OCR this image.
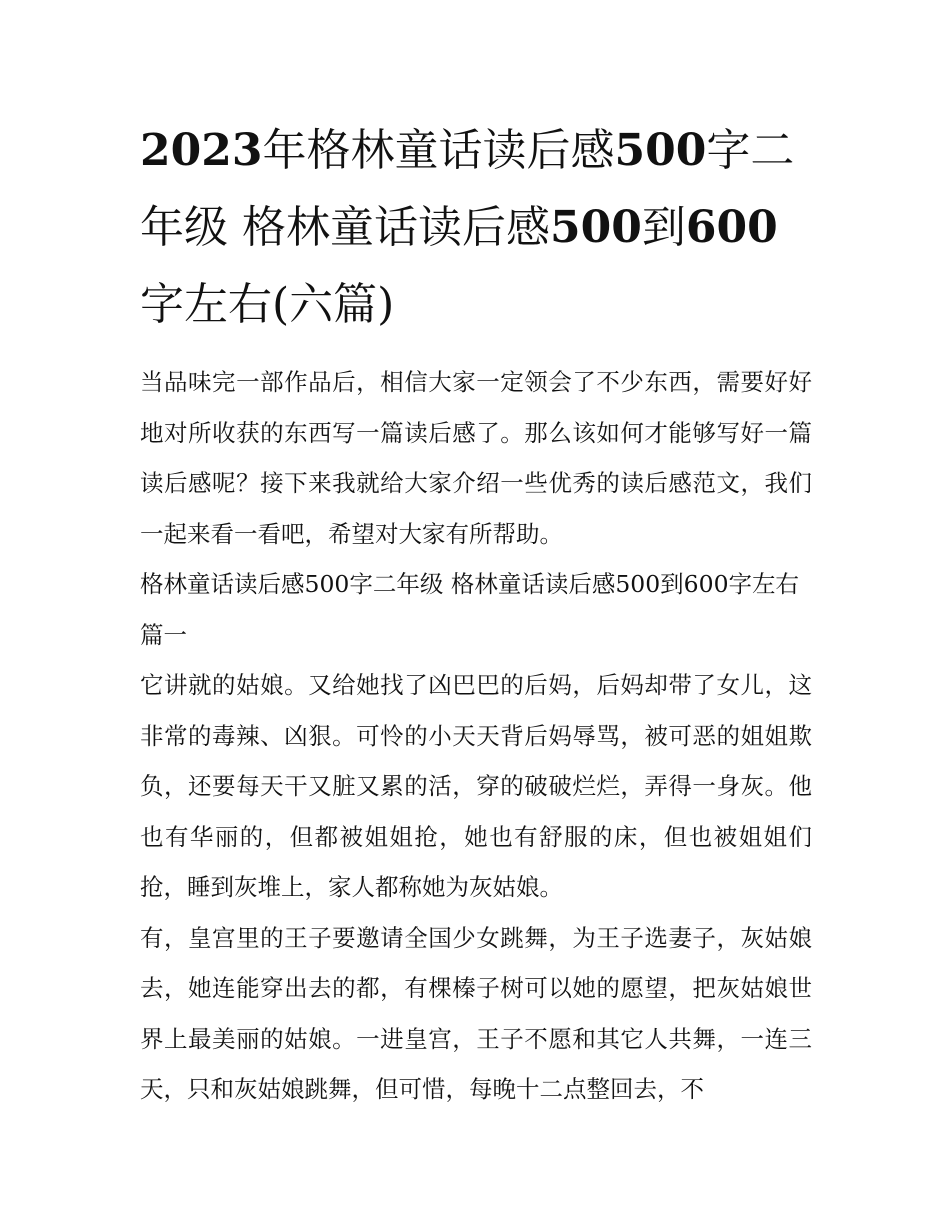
2023年格林童话读后感500字二年级 格林童话读后感500到600字左右(六篇)

当品味完一部作品后，相信大家一定领会了不少东西，需要好好地对所收获的东西写一篇读后感了。那么该如何才能够写好一篇读后感呢？接下来我就给大家介绍一些优秀的读后感范文，我们一起来看一看吧，希望对大家有所帮助。

格林童话读后感500字二年级 格林童话读后感500到600字左右篇一

它讲就的姑娘。又给她找了凶巴巴的后妈，后妈却带了女儿，这非常的毒辣、凶狠。可怜的小天天背后妈辱骂，被可恶的姐姐欺负，还要每天干又脏又累的活，穿的破破烂烂，弄得一身灰。他也有华丽的，但都被姐姐抢，她也有舒服的床，但也被姐姐们抢，睡到灰堆上，家人都称她为灰姑娘。

有，皇宫里的王子要邀请全国少女跳舞，为王子选妻子，灰姑娘去，她连能穿出去的都，有棵榛子树可以她的愿望，把灰姑娘世界上最美丽的姑娘。一进皇宫，王子不愿和其它人共舞，一连三天，只和灰姑娘跳舞，但可惜，每晚十二点整回去，不
